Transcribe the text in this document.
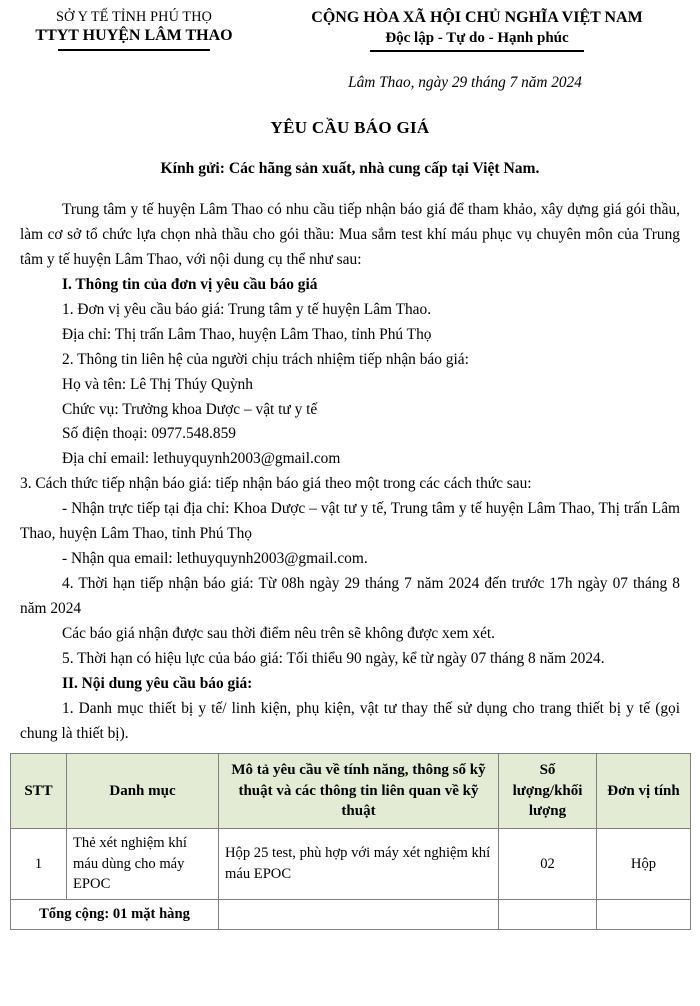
SỞ Y TẾ TỈNH PHÚ THỌ
TTYT HUYỆN LÂM THAO
CỘNG HÒA XÃ HỘI CHỦ NGHĨA VIỆT NAM
Độc lập - Tự do - Hạnh phúc
Lâm Thao, ngày 29 tháng 7 năm 2024
YÊU CẦU BÁO GIÁ
Kính gửi: Các hãng sản xuất, nhà cung cấp tại Việt Nam.

Trung tâm y tế huyện Lâm Thao có nhu cầu tiếp nhận báo giá để tham khảo, xây dựng giá gói thầu, làm cơ sở tổ chức lựa chọn nhà thầu cho gói thầu: Mua sắm test khí máu phục vụ chuyên môn của Trung tâm y tế huyện Lâm Thao, với nội dung cụ thể như sau:

I. Thông tin của đơn vị yêu cầu báo giá

1. Đơn vị yêu cầu báo giá: Trung tâm y tế huyện Lâm Thao.

Địa chỉ: Thị trấn Lâm Thao, huyện Lâm Thao, tỉnh Phú Thọ

2. Thông tin liên hệ của người chịu trách nhiệm tiếp nhận báo giá:

Họ và tên: Lê Thị Thúy Quỳnh

Chức vụ: Trưởng khoa Dược – vật tư y tế

Số điện thoại: 0977.548.859

Địa chỉ email: lethuyquynh2003@gmail.com

3. Cách thức tiếp nhận báo giá: tiếp nhận báo giá theo một trong các cách thức sau:

- Nhận trực tiếp tại địa chỉ: Khoa Dược – vật tư y tế, Trung tâm y tế huyện Lâm Thao, Thị trấn Lâm Thao, huyện Lâm Thao, tỉnh Phú Thọ

- Nhận qua email: lethuyquynh2003@gmail.com.

4. Thời hạn tiếp nhận báo giá: Từ 08h ngày 29 tháng 7 năm 2024 đến trước 17h ngày 07 tháng 8 năm 2024

Các báo giá nhận được sau thời điểm nêu trên sẽ không được xem xét.

5. Thời hạn có hiệu lực của báo giá: Tối thiểu 90 ngày, kể từ ngày 07 tháng 8 năm 2024.

II. Nội dung yêu cầu báo giá:

1. Danh mục thiết bị y tế/ linh kiện, phụ kiện, vật tư thay thế sử dụng cho trang thiết bị y tế (gọi chung là thiết bị).

STT	Danh mục	Mô tả yêu cầu về tính năng, thông số kỹ thuật và các thông tin liên quan về kỹ thuật	Số lượng/khối lượng	Đơn vị tính
1	Thẻ xét nghiệm khí máu dùng cho máy EPOC	Hộp 25 test, phù hợp với máy xét nghiệm khí máu EPOC	02	Hộp
Tổng cộng: 01 mặt hàng				
